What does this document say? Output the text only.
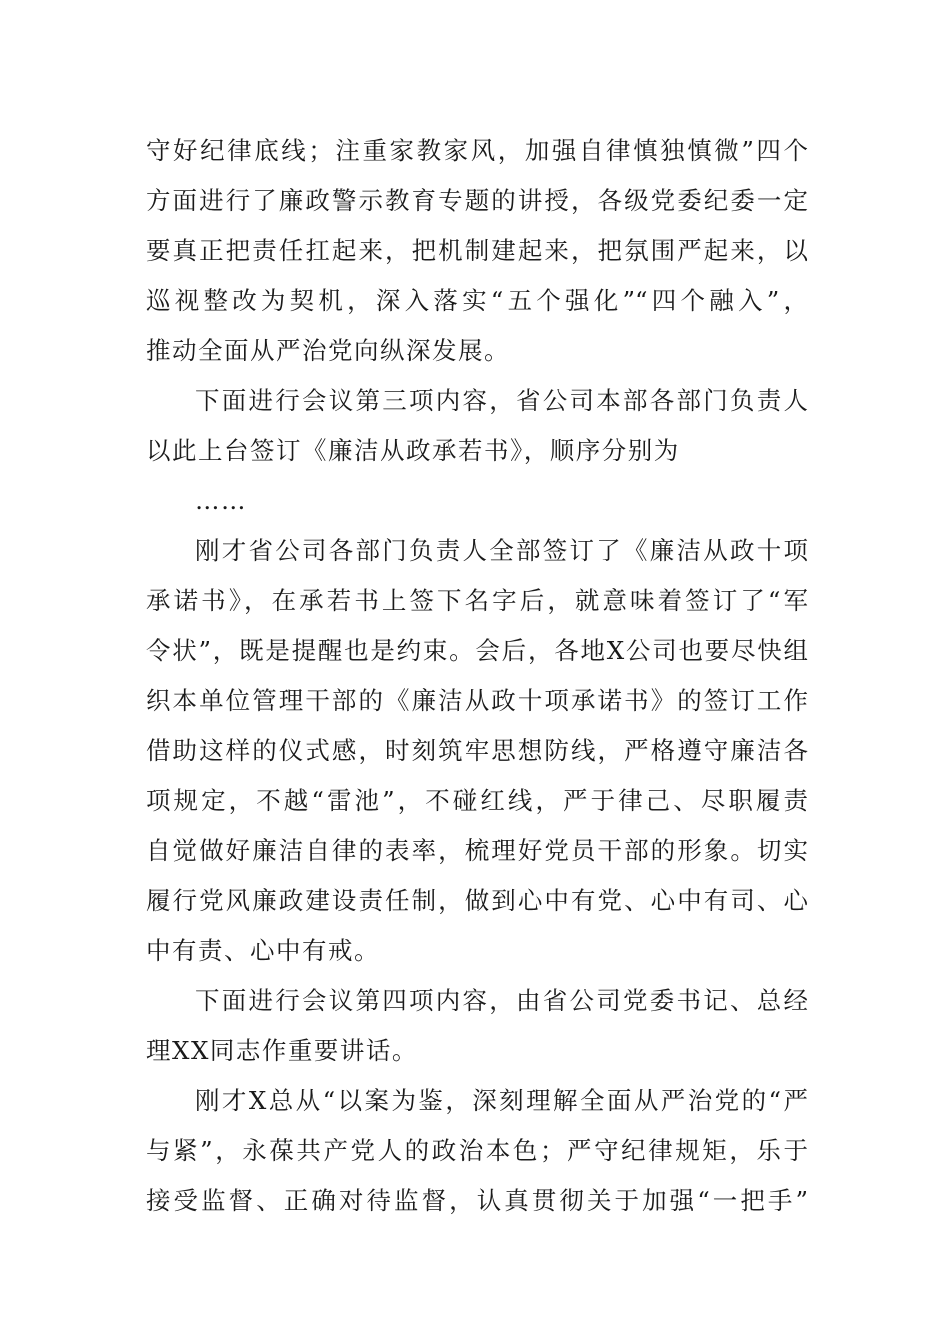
守好纪律底线；注重家教家风，加强自律慎独慎微”四个
方面进行了廉政警示教育专题的讲授，各级党委纪委一定
要真正把责任扛起来，把机制建起来，把氛围严起来，以
巡视整改为契机，深入落实“五个强化”“四个融入”，
推动全面从严治党向纵深发展。
下面进行会议第三项内容，省公司本部各部门负责人
以此上台签订《廉洁从政承若书》，顺序分别为
……
刚才省公司各部门负责人全部签订了《廉洁从政十项
承诺书》，在承若书上签下名字后，就意味着签订了“军
令状”，既是提醒也是约束。会后，各地X公司也要尽快组
织本单位管理干部的《廉洁从政十项承诺书》的签订工作
借助这样的仪式感，时刻筑牢思想防线，严格遵守廉洁各
项规定，不越“雷池”，不碰红线，严于律己、尽职履责
自觉做好廉洁自律的表率，梳理好党员干部的形象。切实
履行党风廉政建设责任制，做到心中有党、心中有司、心
中有责、心中有戒。
下面进行会议第四项内容，由省公司党委书记、总经
理XX同志作重要讲话。
刚才X总从“以案为鉴，深刻理解全面从严治党的“严
与紧”，永葆共产党人的政治本色；严守纪律规矩，乐于
接受监督、正确对待监督，认真贯彻关于加强“一把手”
